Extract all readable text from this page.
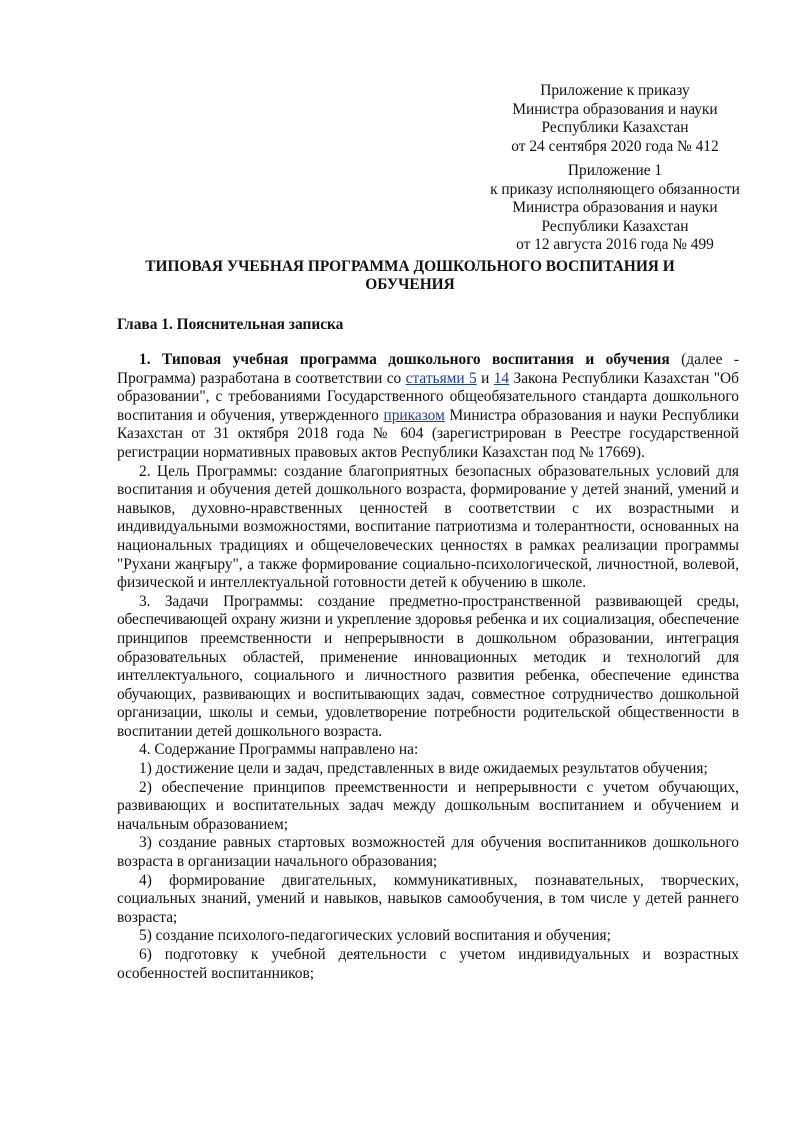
Приложение к приказу
Министра образования и науки
Республики Казахстан
от 24 сентября 2020 года № 412
Приложение 1
к приказу исполняющего обязанности
Министра образования и науки
Республики Казахстан
от 12 августа 2016 года № 499
ТИПОВАЯ УЧЕБНАЯ ПРОГРАММА ДОШКОЛЬНОГО ВОСПИТАНИЯ И
ОБУЧЕНИЯ
Глава 1. Пояснительная записка

1. Типовая учебная программа дошкольного воспитания и обучения (далее - Программа) разработана в соответствии со статьями 5 и 14 Закона Республики Казахстан "Об образовании", с требованиями Государственного общеобязательного стандарта дошкольного воспитания и обучения, утвержденного приказом Министра образования и науки Республики Казахстан от 31 октября 2018 года № 604 (зарегистрирован в Реестре государственной регистрации нормативных правовых актов Республики Казахстан под № 17669).

2. Цель Программы: создание благоприятных безопасных образовательных условий для воспитания и обучения детей дошкольного возраста, формирование у детей знаний, умений и навыков, духовно-нравственных ценностей в соответствии с их возрастными и индивидуальными возможностями, воспитание патриотизма и толерантности, основанных на национальных традициях и общечеловеческих ценностях в рамках реализации программы "Рухани жаңғыру", а также формирование социально-психологической, личностной, волевой, физической и интеллектуальной готовности детей к обучению в школе.

3. Задачи Программы: создание предметно-пространственной развивающей среды, обеспечивающей охрану жизни и укрепление здоровья ребенка и их социализация, обеспечение принципов преемственности и непрерывности в дошкольном образовании, интеграция образовательных областей, применение инновационных методик и технологий для интеллектуального, социального и личностного развития ребенка, обеспечение единства обучающих, развивающих и воспитывающих задач, совместное сотрудничество дошкольной организации, школы и семьи, удовлетворение потребности родительской общественности в воспитании детей дошкольного возраста.

4. Содержание Программы направлено на:

1) достижение цели и задач, представленных в виде ожидаемых результатов обучения;

2) обеспечение принципов преемственности и непрерывности с учетом обучающих, развивающих и воспитательных задач между дошкольным воспитанием и обучением и начальным образованием;

3) создание равных стартовых возможностей для обучения воспитанников дошкольного возраста в организации начального образования;

4) формирование двигательных, коммуникативных, познавательных, творческих, социальных знаний, умений и навыков, навыков самообучения, в том числе у детей раннего возраста;

5) создание психолого-педагогических условий воспитания и обучения;

6) подготовку к учебной деятельности с учетом индивидуальных и возрастных особенностей воспитанников;
